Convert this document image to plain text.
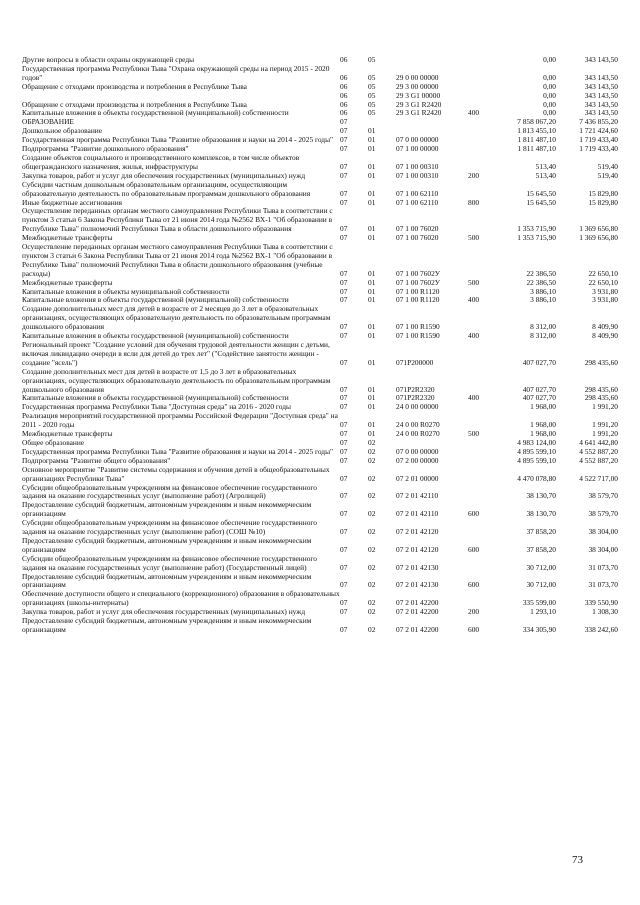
Другие вопросы в области охраны окружающей среды	06	05			0,00	343 143,50
Государственная программа Республики Тыва "Охрана окружающей среды на период 2015 - 2020 годов"	06	05	29 0 00 00000		0,00	343 143,50
Обращение с отходами производства и потребления в Республике Тыва	06	05	29 3 00 00000		0,00	343 143,50
	06	05	29 3 G1 00000		0,00	343 143,50
Обращение с отходами производства и потребления в Республике Тыва	06	05	29 3 G1 R2420		0,00	343 143,50
Капитальные вложения в объекты государственной (муниципальной) собственности	06	05	29 3 G1 R2420	400	0,00	343 143,50
ОБРАЗОВАНИЕ	07				7 858 067,20	7 436 855,20
Дошкольное образование	07	01			1 813 455,10	1 721 424,60
Государственная программа Республики Тыва "Развитие образования и науки на 2014 - 2025 годы"	07	01	07 0 00 00000		1 811 487,10	1 719 433,40
Подпрограмма "Развитие дошкольного образования"	07	01	07 1 00 00000		1 811 487,10	1 719 433,40
Создание объектов социального и производственного комплексов, в том числе объектов общегражданского назначения, жилья, инфраструктуры	07	01	07 1 00 00310		513,40	519,40
Закупка товаров, работ и услуг для обеспечения государственных (муниципальных) нужд	07	01	07 1 00 00310	200	513,40	519,40
Субсидии частным дошкольным образовательным организациям, осуществляющим образовательную деятельность по образовательным программам дошкольного образования	07	01	07 1 00 62110		15 645,50	15 829,80
Иные бюджетные ассигнования	07	01	07 1 00 62110	800	15 645,50	15 829,80
Осуществление переданных органам местного самоуправления Республики Тыва в соответствии с пунктом 3 статьи 6 Закона Республики Тыва от 21 июня 2014 года №2562 ВХ-1 "Об образовании в Республике Тыва" полномочий Республики Тыва в области дошкольного образования	07	01	07 1 00 76020		1 353 715,90	1 369 656,80
Межбюджетные трансферты	07	01	07 1 00 76020	500	1 353 715,90	1 369 656,80
Осуществление переданных органам местного самоуправления Республики Тыва в соответствии с пунктом 3 статьи 6 Закона Республики Тыва от 21 июня 2014 года №2562 ВХ-1 "Об образовании в Республике Тыва" полномочий Республики Тыва в области дошкольного образования (учебные расходы)	07	01	07 1 00 7602У		22 386,50	22 650,10
Межбюджетные трансферты	07	01	07 1 00 7602У	500	22 386,50	22 650,10
Капитальные вложения в объекты муниципальной собственности	07	01	07 1 00 R1120		3 886,10	3 931,80
Капитальные вложения в объекты государственной (муниципальной) собственности	07	01	07 1 00 R1120	400	3 886,10	3 931,80
Создание дополнительных мест для детей в возрасте от 2 месяцев до 3 лет в образовательных организациях, осуществляющих образовательную деятельность по образовательным программам дошкольного образования	07	01	07 1 00 R1590		8 312,00	8 409,90
Капитальные вложения в объекты государственной (муниципальной) собственности	07	01	07 1 00 R1590	400	8 312,00	8 409,90
Региональный проект "Создание условий для обучения трудовой деятельности женщин с детьми, включая ликвидацию очереди в ясли для детей до трех лет" ("Содействие занятости женщин - создание "ясель")	07	01	071P200000		407 027,70	298 435,60
Создание дополнительных мест для детей в возрасте от 1,5 до 3 лет в образовательных организациях, осуществляющих образовательную деятельность по образовательным программам дошкольного образования	07	01	071P2R2320		407 027,70	298 435,60
Капитальные вложения в объекты государственной (муниципальной) собственности	07	01	071P2R2320	400	407 027,70	298 435,60
Государственная программа Республики Тыва "Доступная среда" на 2016 - 2020 годы	07	01	24 0 00 00000		1 968,00	1 991,20
Реализация мероприятий государственной программы Российской Федерации "Доступная среда" на 2011 - 2020 годы	07	01	24 0 00 R0270		1 968,00	1 991,20
Межбюджетные трансферты	07	01	24 0 00 R0270	500	1 968,00	1 991,20
Общее образование	07	02			4 983 124,00	4 641 442,80
Государственная программа Республики Тыва "Развитие образования и науки на 2014 - 2025 годы"	07	02	07 0 00 00000		4 895 599,10	4 552 887,20
Подпрограмма "Развитие общего образования"	07	02	07 2 00 00000		4 895 599,10	4 552 887,20
Основное мероприятие "Развитие системы содержания и обучения детей в общеобразовательных организациях Республики Тыва"	07	02	07 2 01 00000		4 470 078,80	4 522 717,00
Субсидии общеобразовательным учреждениям на финансовое обеспечение государственного задания на оказание государственных услуг (выполнение работ) (Агролицей)	07	02	07 2 01 42110		38 130,70	38 579,70
Предоставление субсидий бюджетным, автономным учреждениям и иным некоммерческим организациям	07	02	07 2 01 42110	600	38 130,70	38 579,70
Субсидии общеобразовательным учреждениям на финансовое обеспечение государственного задания на оказание государственных услуг (выполнение работ) (СОШ №10)	07	02	07 2 01 42120		37 858,20	38 304,00
Предоставление субсидий бюджетным, автономным учреждениям и иным некоммерческим организациям	07	02	07 2 01 42120	600	37 858,20	38 304,00
Субсидии общеобразовательным учреждениям на финансовое обеспечение государственного задания на оказание государственных услуг (выполнение работ) (Государственный лицей)	07	02	07 2 01 42130		30 712,00	31 073,70
Предоставление субсидий бюджетным, автономным учреждениям и иным некоммерческим организациям	07	02	07 2 01 42130	600	30 712,00	31 073,70
Обеспечение доступности общего и специального (коррекционного) образования в образовательных организациях (школы-интернаты)	07	02	07 2 01 42200		335 599,00	339 550,90
Закупка товаров, работ и услуг для обеспечения государственных (муниципальных) нужд	07	02	07 2 01 42200	200	1 293,10	1 308,30
Предоставление субсидий бюджетным, автономным учреждениям и иным некоммерческим организациям	07	02	07 2 01 42200	600	334 305,90	338 242,60
73
